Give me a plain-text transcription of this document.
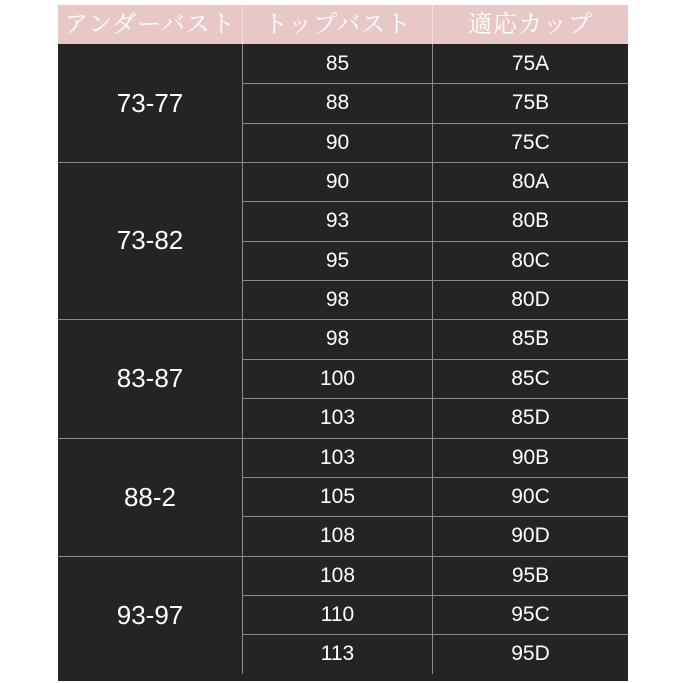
アンダーバスト	トップバスト	適応カップ
73-77
85	75A
88	75B
90	75C
73-82
90	80A
93	80B
95	80C
98	80D
83-87
98	85B
100	85C
103	85D
88-2
103	90B
105	90C
108	90D
93-97
108	95B
110	95C
113	95D
